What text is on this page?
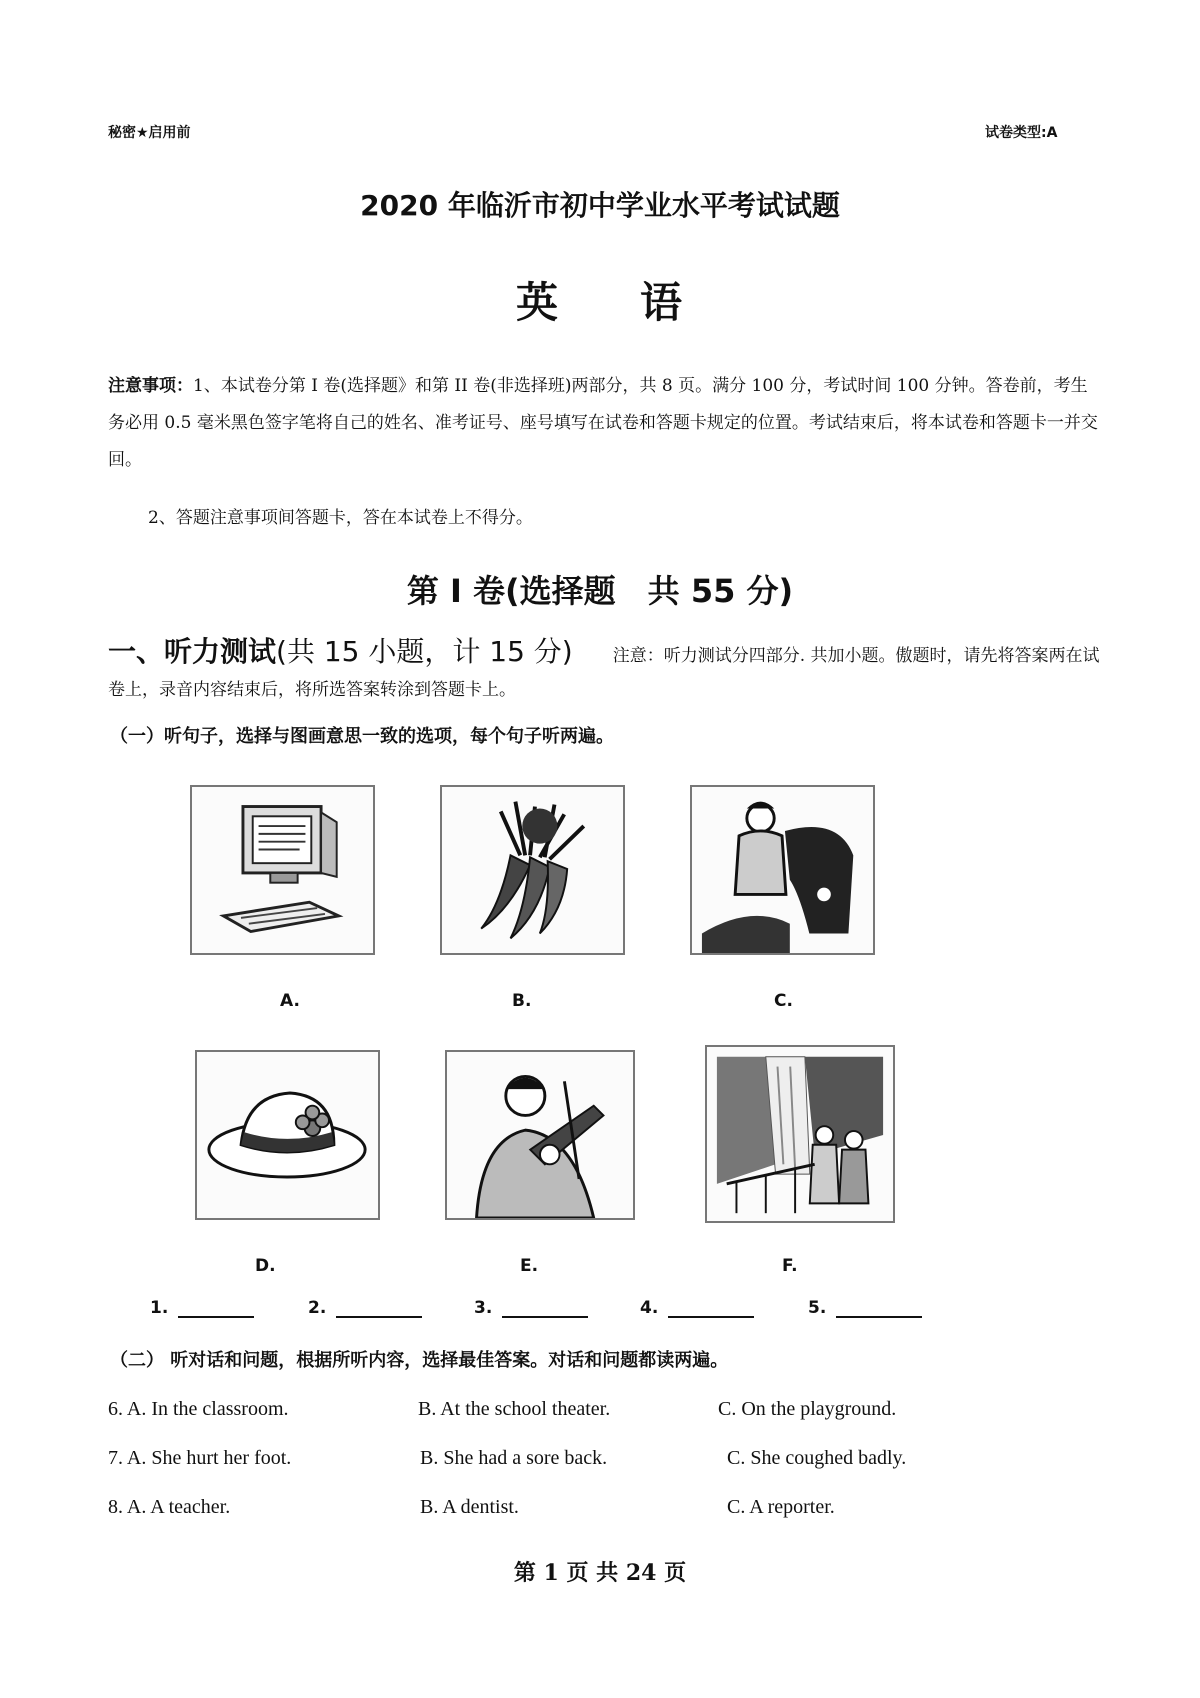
秘密★启用前	试卷类型:A
2020 年临沂市初中学业水平考试试题
英 语
注意事项：1、本试卷分第 I 卷(选择题》和第 II 卷(非选择班)两部分，共 8 页。满分 100 分，考试时间 100 分钟。答卷前，考生务必用 0.5 毫米黑色签字笔将自己的姓名、准考证号、座号填写在试卷和答题卡规定的位置。考试结束后，将本试卷和答题卡一并交回。
2、答题注意事项间答题卡，答在本试卷上不得分。
第 I 卷(选择题　共 55 分)
一、听力测试(共 15 小题，计 15 分) 注意：听力测试分四部分. 共加小题。傲题时，请先将答案两在试卷上，录音内容结束后，将所选答案转涂到答题卡上。
（一）听句子，选择与图画意思一致的选项，每个句子听两遍。
A.	B.	C.
D.	E.	F.
1.	2.	3.	4.	5.
（二） 听对话和问题，根据所听内容，选择最佳答案。对话和问题都读两遍。
6. A. In the classroom.	B. At the school theater.	C. On the playground.
7. A. She hurt her foot.	B. She had a sore back.	C. She coughed badly.
8. A. A teacher.	B. A dentist.	C. A reporter.
第 1 页 共 24 页
